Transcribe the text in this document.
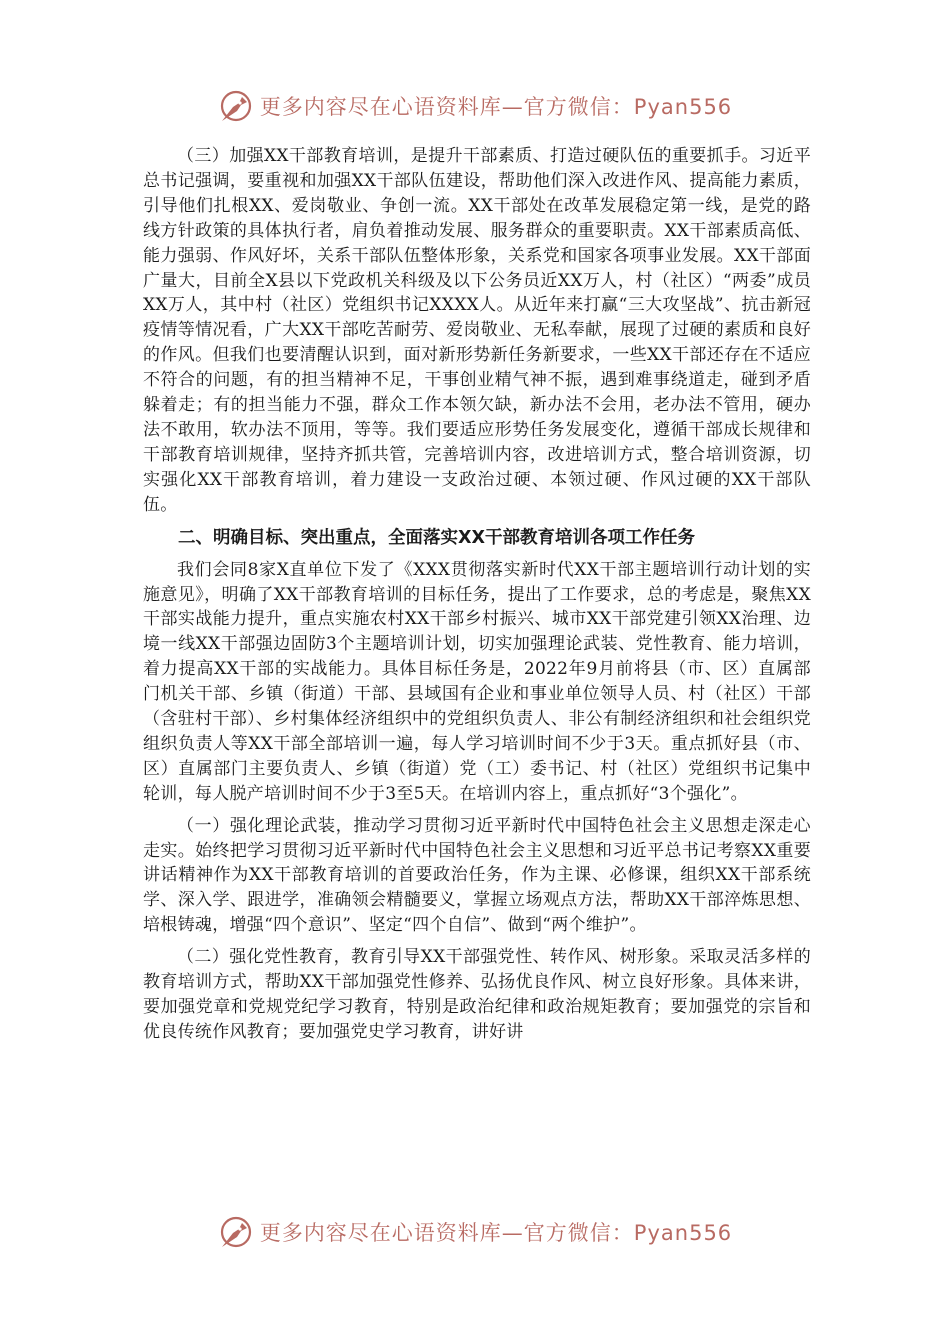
更多内容尽在心语资料库—官方微信：Pyan556

（三）加强XX干部教育培训，是提升干部素质、打造过硬队伍的重要抓手。习近平总书记强调，要重视和加强XX干部队伍建设，帮助他们深入改进作风、提高能力素质，引导他们扎根XX、爱岗敬业、争创一流。XX干部处在改革发展稳定第一线，是党的路线方针政策的具体执行者，肩负着推动发展、服务群众的重要职责。XX干部素质高低、能力强弱、作风好坏，关系干部队伍整体形象，关系党和国家各项事业发展。XX干部面广量大，目前全X县以下党政机关科级及以下公务员近XX万人，村（社区）“两委”成员XX万人，其中村（社区）党组织书记XXXX人。从近年来打赢“三大攻坚战”、抗击新冠疫情等情况看，广大XX干部吃苦耐劳、爱岗敬业、无私奉献，展现了过硬的素质和良好的作风。但我们也要清醒认识到，面对新形势新任务新要求，一些XX干部还存在不适应不符合的问题，有的担当精神不足，干事创业精气神不振，遇到难事绕道走，碰到矛盾躲着走；有的担当能力不强，群众工作本领欠缺，新办法不会用，老办法不管用，硬办法不敢用，软办法不顶用，等等。我们要适应形势任务发展变化，遵循干部成长规律和干部教育培训规律，坚持齐抓共管，完善培训内容，改进培训方式，整合培训资源，切实强化XX干部教育培训，着力建设一支政治过硬、本领过硬、作风过硬的XX干部队伍。

二、明确目标、突出重点，全面落实XX干部教育培训各项工作任务

我们会同8家X直单位下发了《XXX贯彻落实新时代XX干部主题培训行动计划的实施意见》，明确了XX干部教育培训的目标任务，提出了工作要求，总的考虑是，聚焦XX干部实战能力提升，重点实施农村XX干部乡村振兴、城市XX干部党建引领XX治理、边境一线XX干部强边固防3个主题培训计划，切实加强理论武装、党性教育、能力培训，着力提高XX干部的实战能力。具体目标任务是，2022年9月前将县（市、区）直属部门机关干部、乡镇（街道）干部、县域国有企业和事业单位领导人员、村（社区）干部（含驻村干部）、乡村集体经济组织中的党组织负责人、非公有制经济组织和社会组织党组织负责人等XX干部全部培训一遍，每人学习培训时间不少于3天。重点抓好县（市、区）直属部门主要负责人、乡镇（街道）党（工）委书记、村（社区）党组织书记集中轮训，每人脱产培训时间不少于3至5天。在培训内容上，重点抓好“3个强化”。

（一）强化理论武装，推动学习贯彻习近平新时代中国特色社会主义思想走深走心走实。始终把学习贯彻习近平新时代中国特色社会主义思想和习近平总书记考察XX重要讲话精神作为XX干部教育培训的首要政治任务，作为主课、必修课，组织XX干部系统学、深入学、跟进学，准确领会精髓要义，掌握立场观点方法，帮助XX干部淬炼思想、培根铸魂，增强“四个意识”、坚定“四个自信”、做到“两个维护”。

（二）强化党性教育，教育引导XX干部强党性、转作风、树形象。采取灵活多样的教育培训方式，帮助XX干部加强党性修养、弘扬优良作风、树立良好形象。具体来讲，要加强党章和党规党纪学习教育，特别是政治纪律和政治规矩教育；要加强党的宗旨和优良传统作风教育；要加强党史学习教育，讲好讲

更多内容尽在心语资料库—官方微信：Pyan556
